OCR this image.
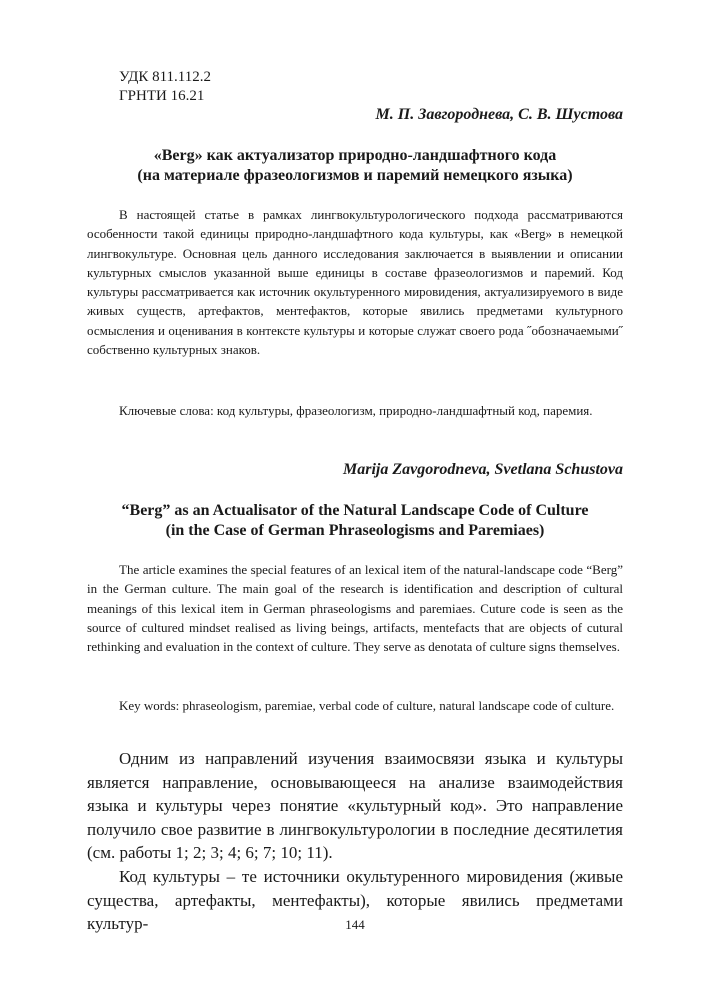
УДК 811.112.2
ГРНТИ 16.21
М. П. Завгороднева, С. В. Шустова

«Berg» как актуализатор природно-ландшафтного кода

(на материале фразеологизмов и паремий немецкого языка)

В настоящей статье в рамках лингвокультурологического подхода рассматриваются особенности такой единицы природно-ландшафтного кода культуры, как «Berg» в немецкой лингвокультуре. Основная цель данного исследования заключается в выявлении и описании культурных смыслов указанной выше единицы в составе фразеологизмов и паремий. Код культуры рассматривается как источник окультуренного мировидения, актуализируемого в виде живых существ, артефактов, ментефактов, которые явились предметами культурного осмысления и оценивания в контексте культуры и которые служат своего рода ˝обозначаемыми˝ собственно культурных знаков.

Ключевые слова: код культуры, фразеологизм, природно-ландшафтный код, паремия.

Marija Zavgorodneva, Svetlana Schustova

“Berg” as an Actualisator of the Natural Landscape Code of Culture

(in the Case of German Phraseologisms and Paremiaes)

The article examines the special features of an lexical item of the natural-landscape code “Berg” in the German culture. The main goal of the research is identification and description of cultural meanings of this lexical item in German phraseologisms and paremiaes. Cuture code is seen as the source of cultured mindset realised as living beings, artifacts, mentefacts that are objects of cutural rethinking and evaluation in the context of culture. They serve as denotata of culture signs themselves.

Key words: phraseologism, paremiae, verbal code of culture, natural landscape code of culture.

Одним из направлений изучения взаимосвязи языка и культуры является направление, основывающееся на анализе взаимодействия языка и культуры через понятие «культурный код». Это направление получило свое развитие в лингвокультурологии в последние десятилетия (см. работы 1; 2; 3; 4; 6; 7; 10; 11).

Код культуры – те источники окультуренного мировидения (живые существа, артефакты, ментефакты), которые явились предметами культур-	144
